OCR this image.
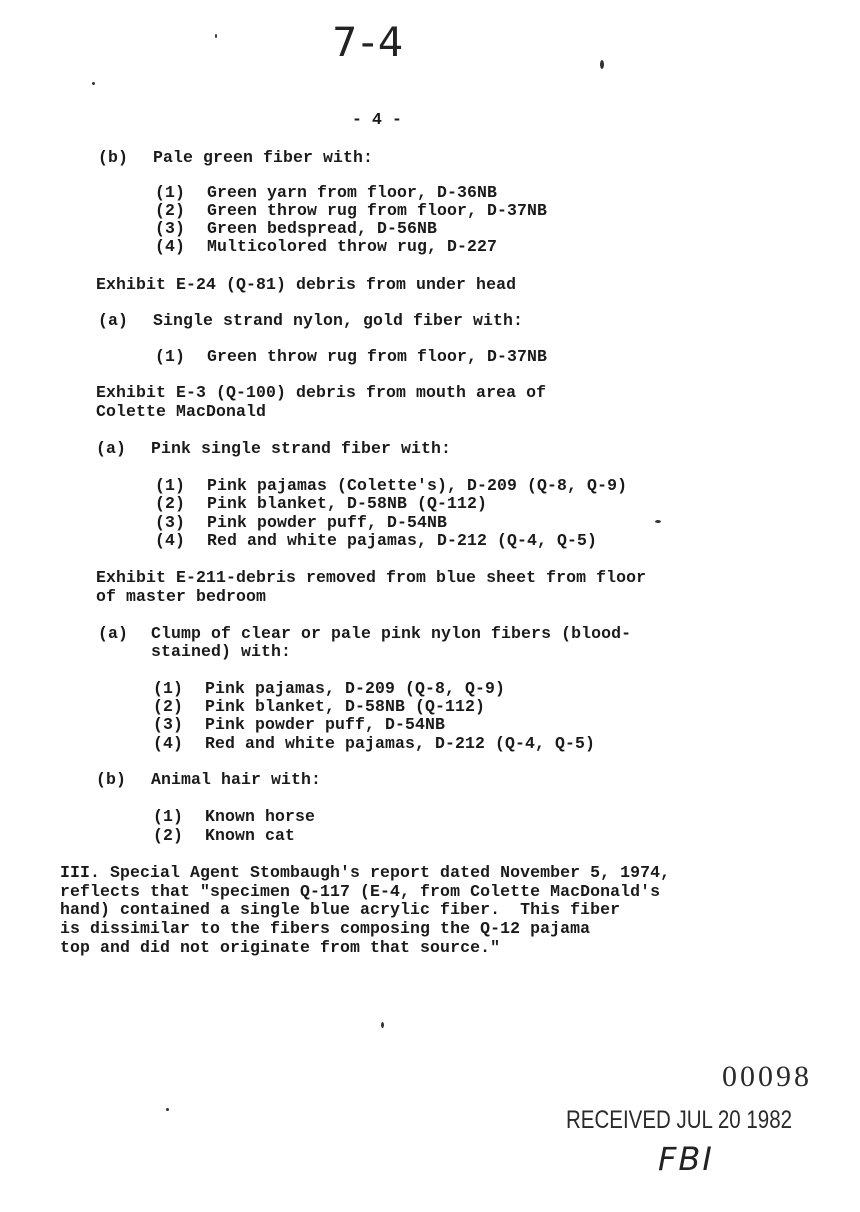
7-4
- 4 -
(b) Pale green fiber with:
(1) Green yarn from floor, D-36NB
(2) Green throw rug from floor, D-37NB
(3) Green bedspread, D-56NB
(4) Multicolored throw rug, D-227
Exhibit E-24 (Q-81) debris from under head
(a) Single strand nylon, gold fiber with:
(1) Green throw rug from floor, D-37NB
Exhibit E-3 (Q-100) debris from mouth area of
Colette MacDonald
(a) Pink single strand fiber with:
(1) Pink pajamas (Colette's), D-209 (Q-8, Q-9)
(2) Pink blanket, D-58NB (Q-112)
(3) Pink powder puff, D-54NB
(4) Red and white pajamas, D-212 (Q-4, Q-5)
Exhibit E-211-debris removed from blue sheet from floor
of master bedroom
(a) Clump of clear or pale pink nylon fibers (blood-
stained) with:
(1) Pink pajamas, D-209 (Q-8, Q-9)
(2) Pink blanket, D-58NB (Q-112)
(3) Pink powder puff, D-54NB
(4) Red and white pajamas, D-212 (Q-4, Q-5)
(b) Animal hair with:
(1) Known horse
(2) Known cat
III. Special Agent Stombaugh's report dated November 5, 1974,
reflects that "specimen Q-117 (E-4, from Colette MacDonald's
hand) contained a single blue acrylic fiber.  This fiber
is dissimilar to the fibers composing the Q-12 pajama
top and did not originate from that source."
00098
RECEIVED JUL 20 1982
FBI
